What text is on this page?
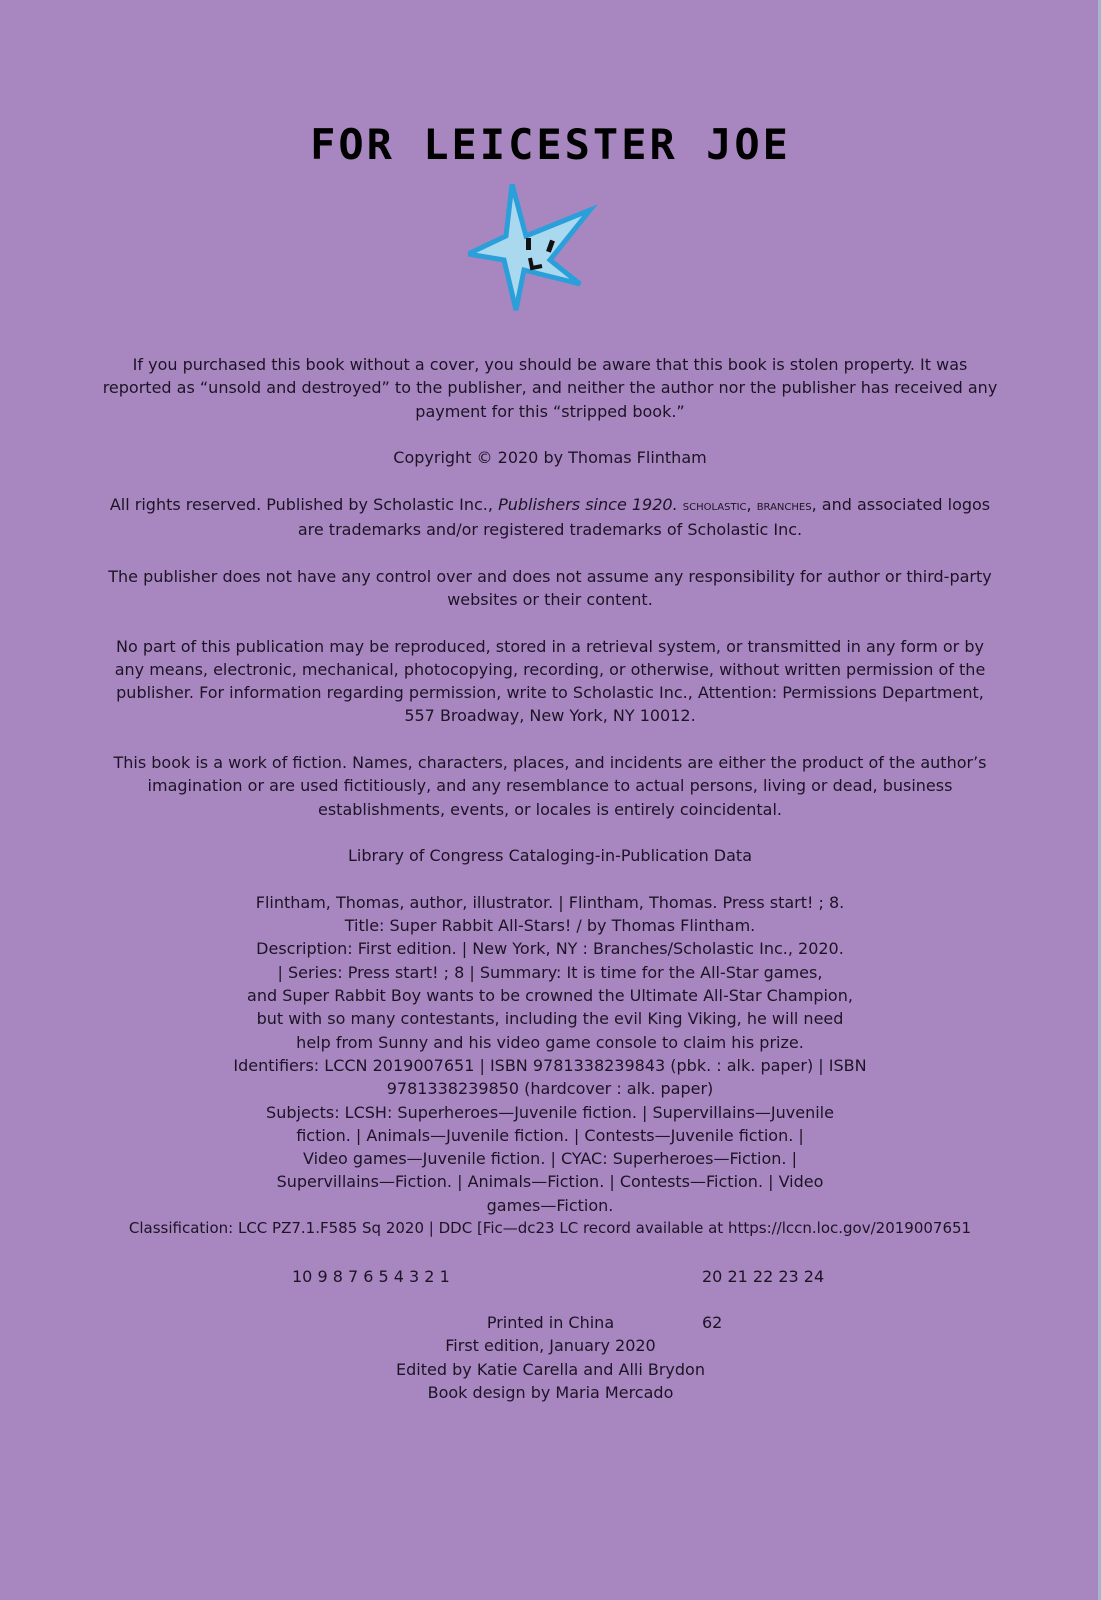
FOR LEICESTER JOE

If you purchased this book without a cover, you should be aware that this book is stolen property. It was reported as “unsold and destroyed” to the publisher, and neither the author nor the publisher has received any payment for this “stripped book.”

Copyright © 2020 by Thomas Flintham

All rights reserved. Published by Scholastic Inc., Publishers since 1920. scholastic, branches, and associated logos are trademarks and/or registered trademarks of Scholastic Inc.

The publisher does not have any control over and does not assume any responsibility for author or third-party websites or their content.

No part of this publication may be reproduced, stored in a retrieval system, or transmitted in any form or by any means, electronic, mechanical, photocopying, recording, or otherwise, without written permission of the publisher. For information regarding permission, write to Scholastic Inc., Attention: Permissions Department, 557 Broadway, New York, NY 10012.

This book is a work of fiction. Names, characters, places, and incidents are either the product of the author’s imagination or are used fictitiously, and any resemblance to actual persons, living or dead, business establishments, events, or locales is entirely coincidental.

Library of Congress Cataloging-in-Publication Data

Flintham, Thomas, author, illustrator. | Flintham, Thomas. Press start! ; 8.
Title: Super Rabbit All-Stars! / by Thomas Flintham.
Description: First edition. | New York, NY : Branches/Scholastic Inc., 2020.
| Series: Press start! ; 8 | Summary: It is time for the All-Star games,
and Super Rabbit Boy wants to be crowned the Ultimate All-Star Champion,
but with so many contestants, including the evil King Viking, he will need
help from Sunny and his video game console to claim his prize.
Identifiers: LCCN 2019007651 | ISBN 9781338239843 (pbk. : alk. paper) | ISBN
9781338239850 (hardcover : alk. paper)
Subjects: LCSH: Superheroes—Juvenile fiction. | Supervillains—Juvenile
fiction. | Animals—Juvenile fiction. | Contests—Juvenile fiction. |
Video games—Juvenile fiction. | CYAC: Superheroes—Fiction. |
Supervillains—Fiction. | Animals—Fiction. | Contests—Fiction. | Video
games—Fiction.
Classification: LCC PZ7.1.F585 Sq 2020 | DDC [Fic—dc23 LC record available at https://lccn.loc.gov/2019007651
10 9 8 7 6 5 4 3 2 1	20 21 22 23 24
Printed in China	62
First edition, January 2020
Edited by Katie Carella and Alli Brydon
Book design by Maria Mercado
